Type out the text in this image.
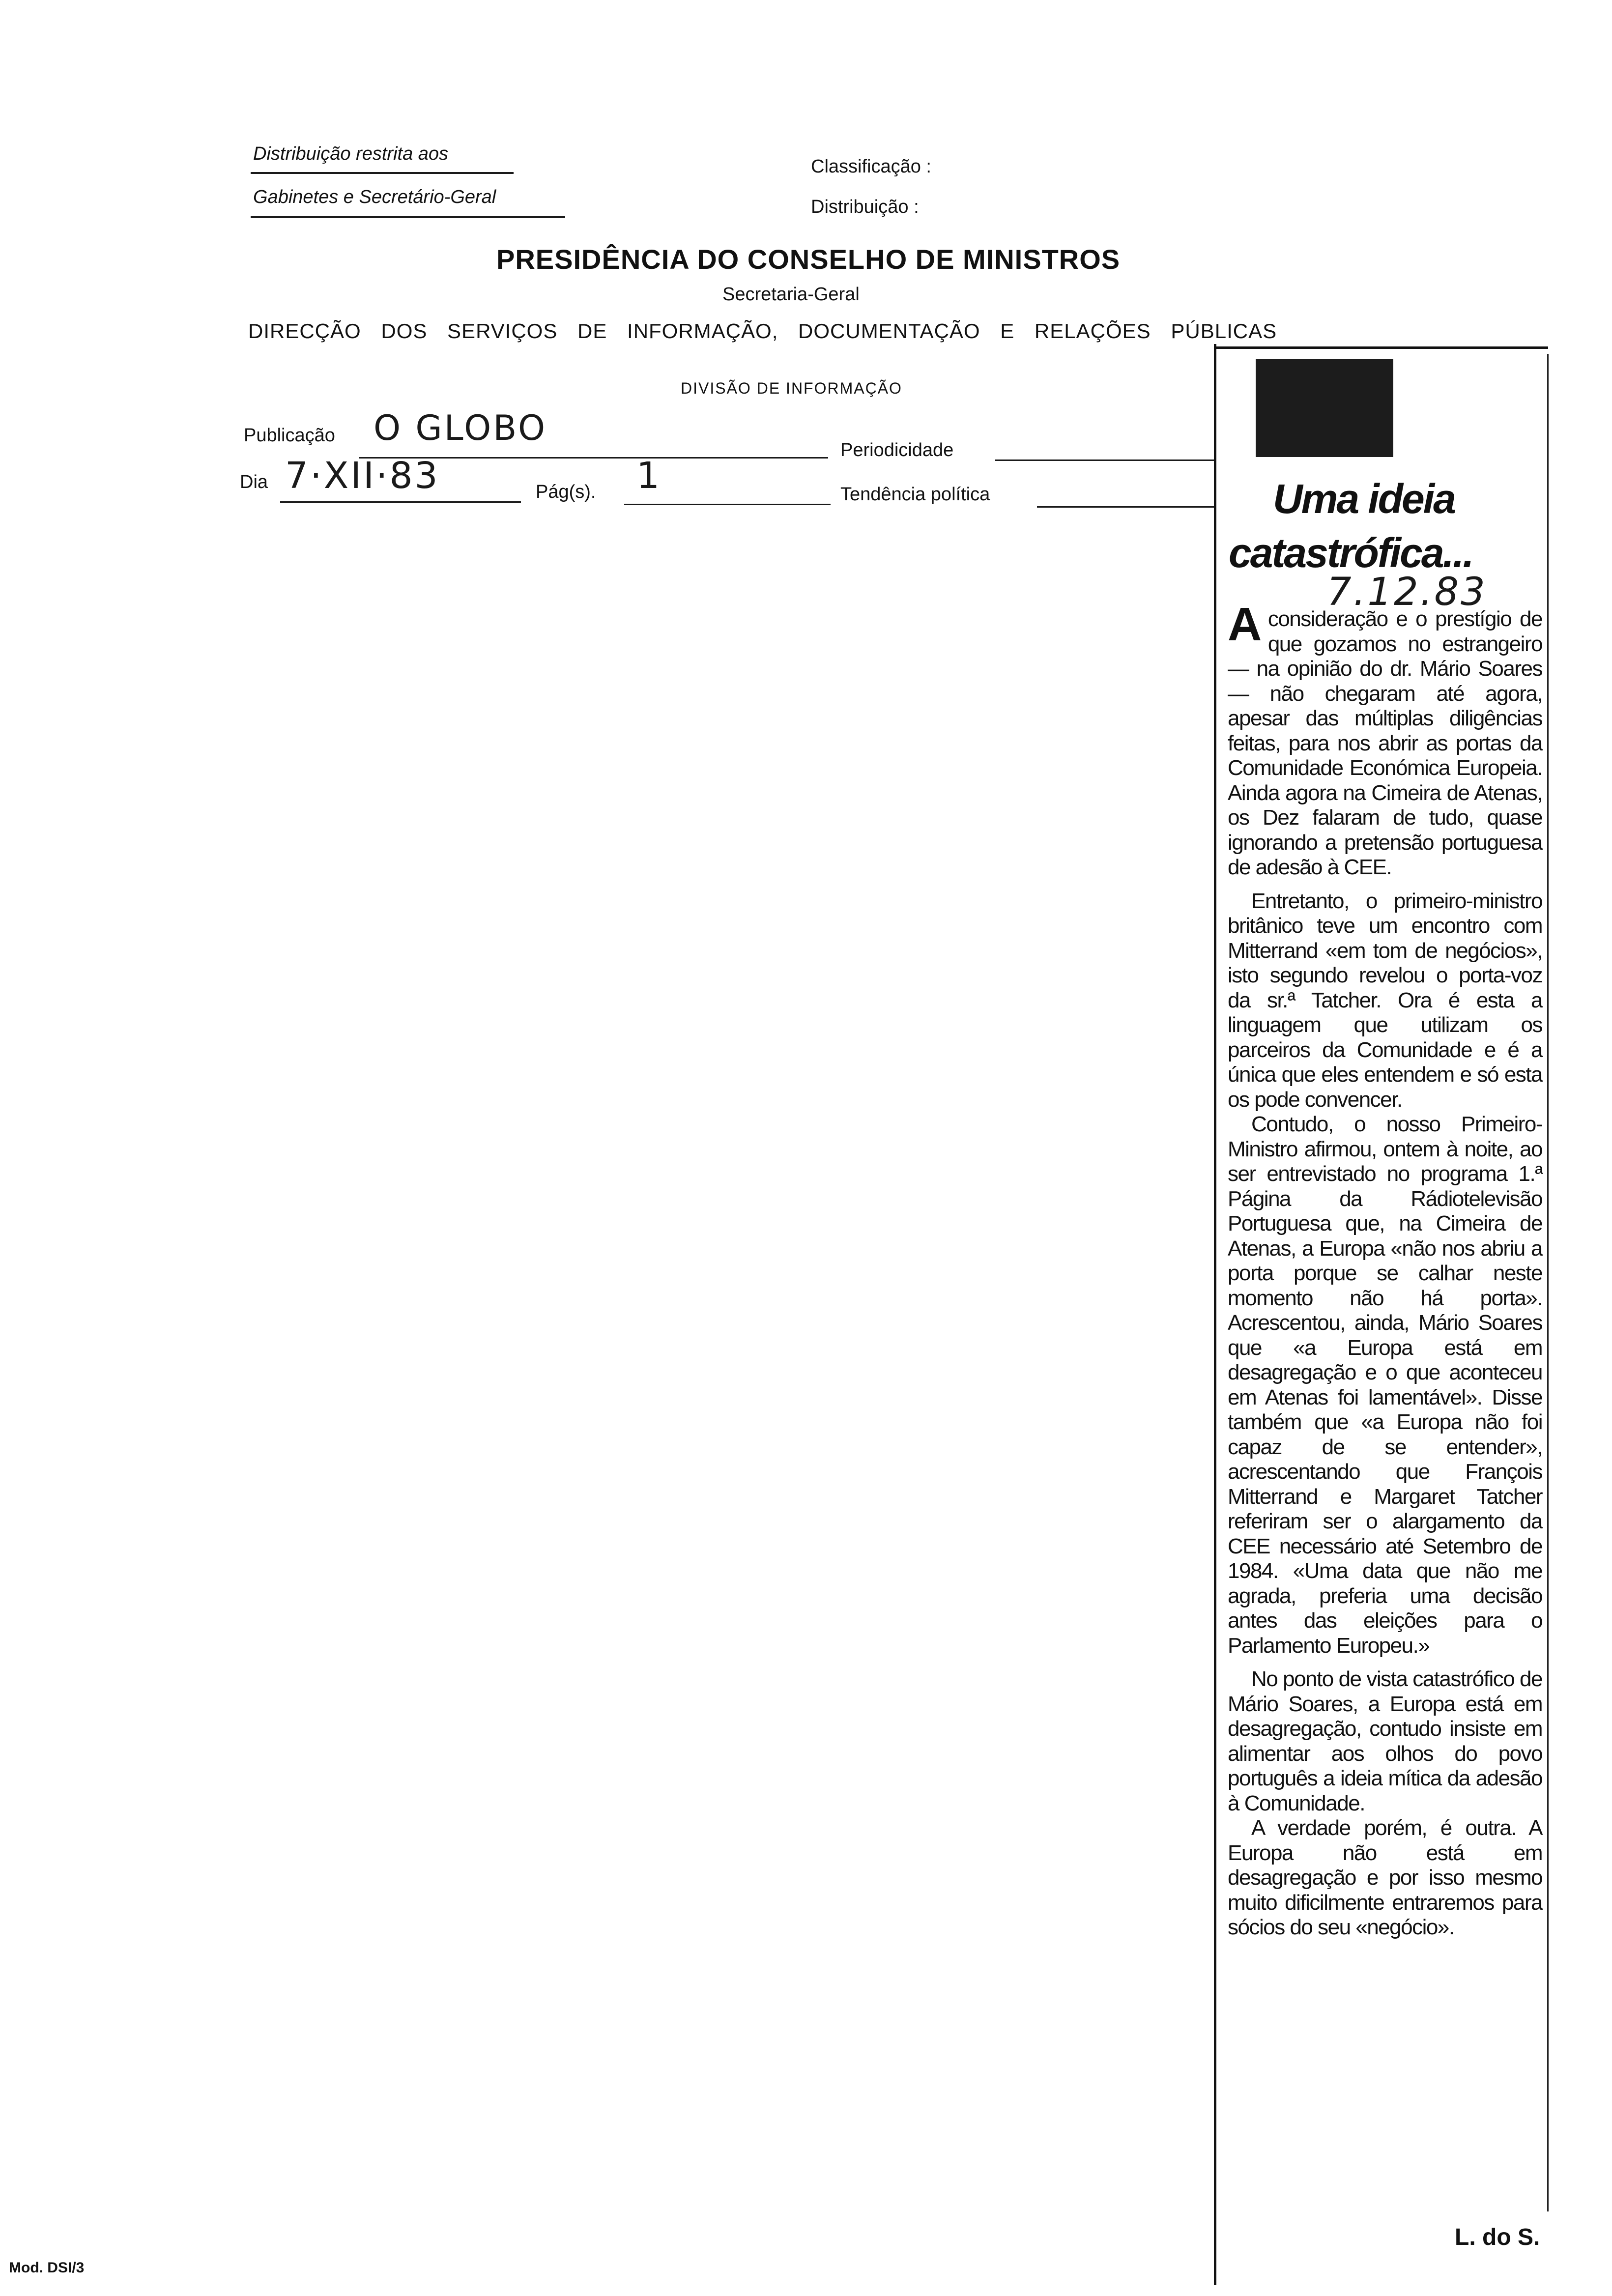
Distribuição restrita aos
Gabinetes e Secretário-Geral
Classificação :
Distribuição :
PRESIDÊNCIA DO CONSELHO DE MINISTROS
Secretaria-Geral
DIRECÇÃO DOS SERVIÇOS DE INFORMAÇÃO, DOCUMENTAÇÃO E RELAÇÕES PÚBLICAS
DIVISÃO DE INFORMAÇÃO
Publicação O GLOBO
Periodicidade
Dia 7·XII·83	Pág(s). 1	Tendência política	Uma ideia
catastrófica...
7.12.83

Aconsideração e o prestígio de que gozamos no estrangeiro — na opinião do dr. Mário Soares — não chegaram até agora, apesar das múltiplas diligências feitas, para nos abrir as portas da Comunidade Económica Europeia. Ainda agora na Cimeira de Atenas, os Dez falaram de tudo, quase ignorando a pretensão portuguesa de adesão à CEE.

Entretanto, o primeiro-ministro britânico teve um encontro com Mitterrand «em tom de negócios», isto segundo revelou o porta-voz da sr.ª Tatcher. Ora é esta a linguagem que utilizam os parceiros da Comunidade e é a única que eles entendem e só esta os pode convencer.

Contudo, o nosso Primeiro-Ministro afirmou, ontem à noite, ao ser entrevistado no programa 1.ª Página da Rádiotelevisão Portuguesa que, na Cimeira de Atenas, a Europa «não nos abriu a porta porque se calhar neste momento não há porta». Acrescentou, ainda, Mário Soares que «a Europa está em desagregação e o que aconteceu em Atenas foi lamentável». Disse também que «a Europa não foi capaz de se entender», acrescentando que François Mitterrand e Margaret Tatcher referiram ser o alargamento da CEE necessário até Setembro de 1984. «Uma data que não me agrada, preferia uma decisão antes das eleições para o Parlamento Europeu.»

No ponto de vista catastrófico de Mário Soares, a Europa está em desagregação, contudo insiste em alimentar aos olhos do povo português a ideia mítica da adesão à Comunidade.

A verdade porém, é outra. A Europa não está em desagregação e por isso mesmo muito dificilmente entraremos para sócios do seu «negócio».

L. do S.
Mod. DSI/3
